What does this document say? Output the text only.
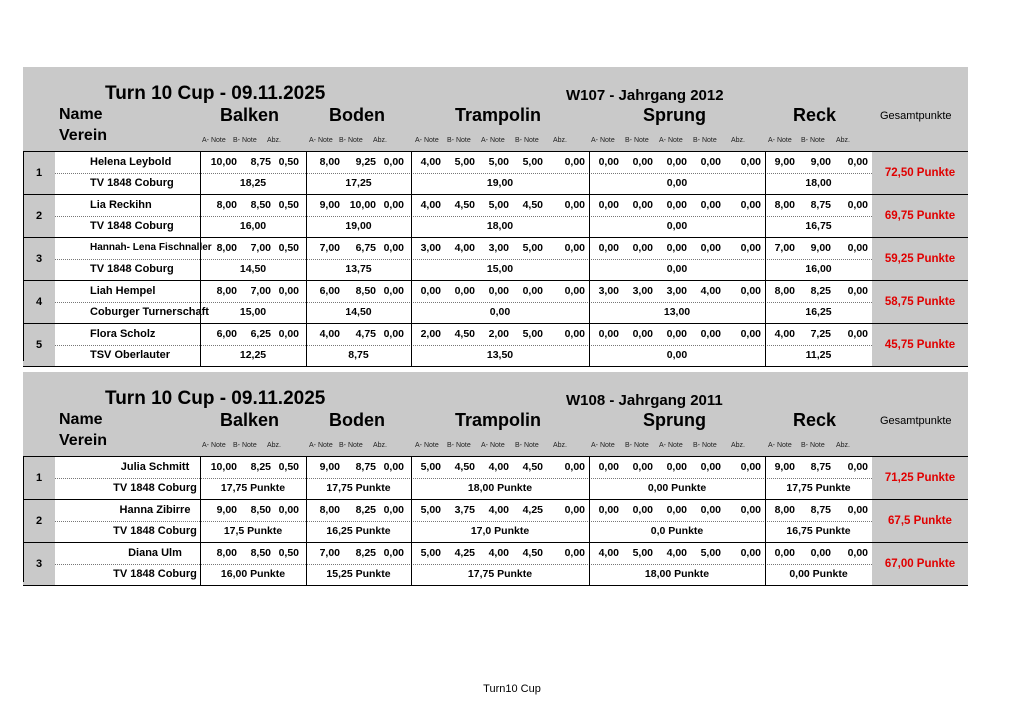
Turn 10 Cup - 09.11.2025	W107 - Jahrgang 2012
Name
Verein
Balken	Boden	Trampolin	Sprung	Reck	Gesamtpunkte
A- Note B- Note Abz.	A- Note B- Note Abz.	A- Note B- Note A- Note B- Note Abz.	A- Note B- Note A- Note B- Note Abz.	A- Note B- Note Abz.
1
Helena Leybold
TV 1848 Coburg
10,00	8,75 0,50
18,25
8,00	9,25 0,00
17,25
4,00	5,00	5,00	5,00	0,00
19,00
0,00	0,00	0,00	0,00	0,00
0,00
9,00	9,00	0,00
18,00
72,50 Punkte
2
Lia Reckihn
TV 1848 Coburg
8,00	8,50 0,50
16,00
9,00 10,00 0,00
19,00
4,00	4,50	5,00	4,50	0,00
18,00
0,00	0,00	0,00	0,00	0,00
0,00
8,00	8,75	0,00
16,75
69,75 Punkte
3
Hannah- Lena Fischnaller
TV 1848 Coburg
8,00	7,00 0,50
14,50
7,00	6,75 0,00
13,75
3,00	4,00	3,00	5,00	0,00
15,00
0,00	0,00	0,00	0,00	0,00
0,00
7,00	9,00	0,00
16,00
59,25 Punkte
4
Liah Hempel
Coburger Turnerschaft
8,00	7,00 0,00
15,00
6,00	8,50 0,00
14,50
0,00	0,00	0,00	0,00	0,00
0,00
3,00	3,00	3,00	4,00	0,00
13,00
8,00	8,25	0,00
16,25
58,75 Punkte
5
Flora Scholz
TSV Oberlauter
6,00	6,25 0,00
12,25
4,00	4,75 0,00
8,75
2,00	4,50	2,00	5,00	0,00
13,50
0,00	0,00	0,00	0,00	0,00
0,00
4,00	7,25	0,00
11,25
45,75 Punkte
Turn 10 Cup - 09.11.2025	W108 - Jahrgang 2011
Name
Verein
Balken	Boden	Trampolin	Sprung	Reck	Gesamtpunkte
A- Note B- Note Abz.	A- Note B- Note Abz.	A- Note B- Note A- Note B- Note Abz.	A- Note B- Note A- Note B- Note Abz.	A- Note B- Note Abz.
1
Julia Schmitt
TV 1848 Coburg
10,00	8,25 0,50
17,75 Punkte
9,00	8,75 0,00
17,75 Punkte
5,00	4,50	4,00	4,50	0,00
18,00 Punkte
0,00	0,00	0,00	0,00	0,00
0,00 Punkte
9,00	8,75	0,00
17,75 Punkte
71,25 Punkte
2
Hanna Zibirre
TV 1848 Coburg
9,00	8,50 0,00
17,5 Punkte
8,00	8,25 0,00
16,25 Punkte
5,00	3,75	4,00	4,25	0,00
17,0 Punkte
0,00	0,00	0,00	0,00	0,00
0,0 Punkte
8,00	8,75	0,00
16,75 Punkte
67,5 Punkte
3
Diana Ulm
TV 1848 Coburg
8,00	8,50 0,50
16,00 Punkte
7,00	8,25 0,00
15,25 Punkte
5,00	4,25	4,00	4,50	0,00
17,75 Punkte
4,00	5,00	4,00	5,00	0,00
18,00 Punkte
0,00	0,00	0,00
0,00 Punkte
67,00 Punkte
Turn10 Cup
